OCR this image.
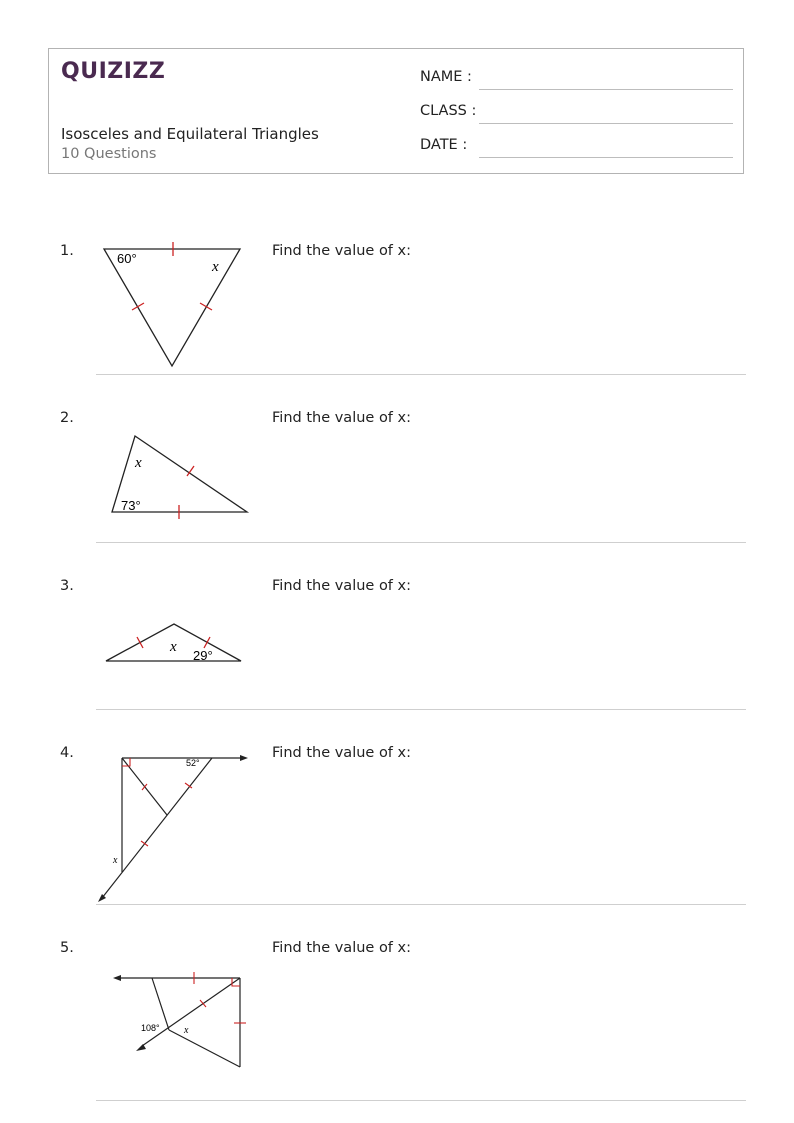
QUIZIZZ
Isosceles and Equilateral Triangles
10 Questions
NAME :
CLASS :
DATE :
1.	Find the value of x:
60°
x
2.	Find the value of x:
x
73°
3.	Find the value of x:
x
29°
4.	Find the value of x:
52°
x
5.	Find the value of x:
108° x
